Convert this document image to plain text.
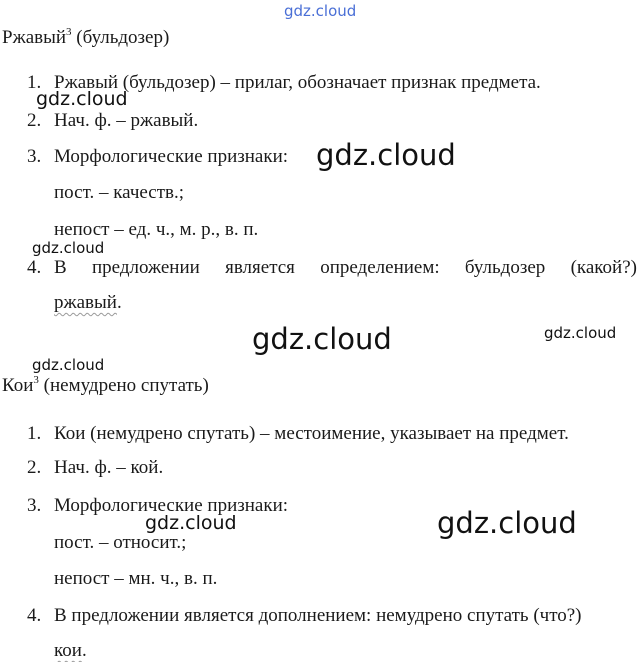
gdz.cloud
Ржавый$^3$ (бульдозер)
1. Ржавый (бульдозер) – прилаг, обозначает признак предмета.
2. Нач. ф. – ржавый.
3. Морфологические признаки:
пост. – качеств.;
непост – ед. ч., м. р., в. п.
4. В предложении является определением: бульдозер (какой?)
ржавый.
Кои$^3$ (немудрено спутать)
1. Кои (немудрено спутать) – местоимение, указывает на предмет.
2. Нач. ф. – кой.
3. Морфологические признаки:
пост. – относит.;
непост – мн. ч., в. п.
4. В предложении является дополнением: немудрено спутать (что?)
кои.
gdz.cloud
gdz.cloud
gdz.cloud
gdz.cloud	gdz.cloud
gdz.cloud
gdz.cloud	gdz.cloud
